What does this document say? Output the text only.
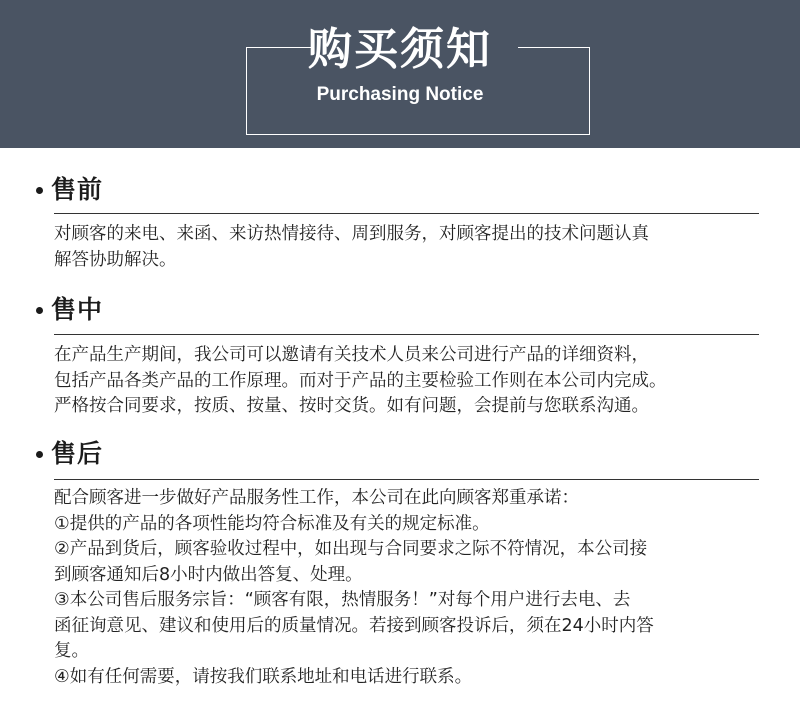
购买须知
Purchasing Notice
售前

对顾客的来电、来函、来访热情接待、周到服务，对顾客提出的技术问题认真

解答协助解决。

售中

在产品生产期间，我公司可以邀请有关技术人员来公司进行产品的详细资料，

包括产品各类产品的工作原理。而对于产品的主要检验工作则在本公司内完成。

严格按合同要求，按质、按量、按时交货。如有问题，会提前与您联系沟通。

售后

配合顾客进一步做好产品服务性工作，本公司在此向顾客郑重承诺：

①提供的产品的各项性能均符合标准及有关的规定标准。

②产品到货后，顾客验收过程中，如出现与合同要求之际不符情况，本公司接

到顾客通知后8小时内做出答复、处理。

③本公司售后服务宗旨：“顾客有限，热情服务！”对每个用户进行去电、去

函征询意见、建议和使用后的质量情况。若接到顾客投诉后，须在24小时内答

复。

④如有任何需要，请按我们联系地址和电话进行联系。
